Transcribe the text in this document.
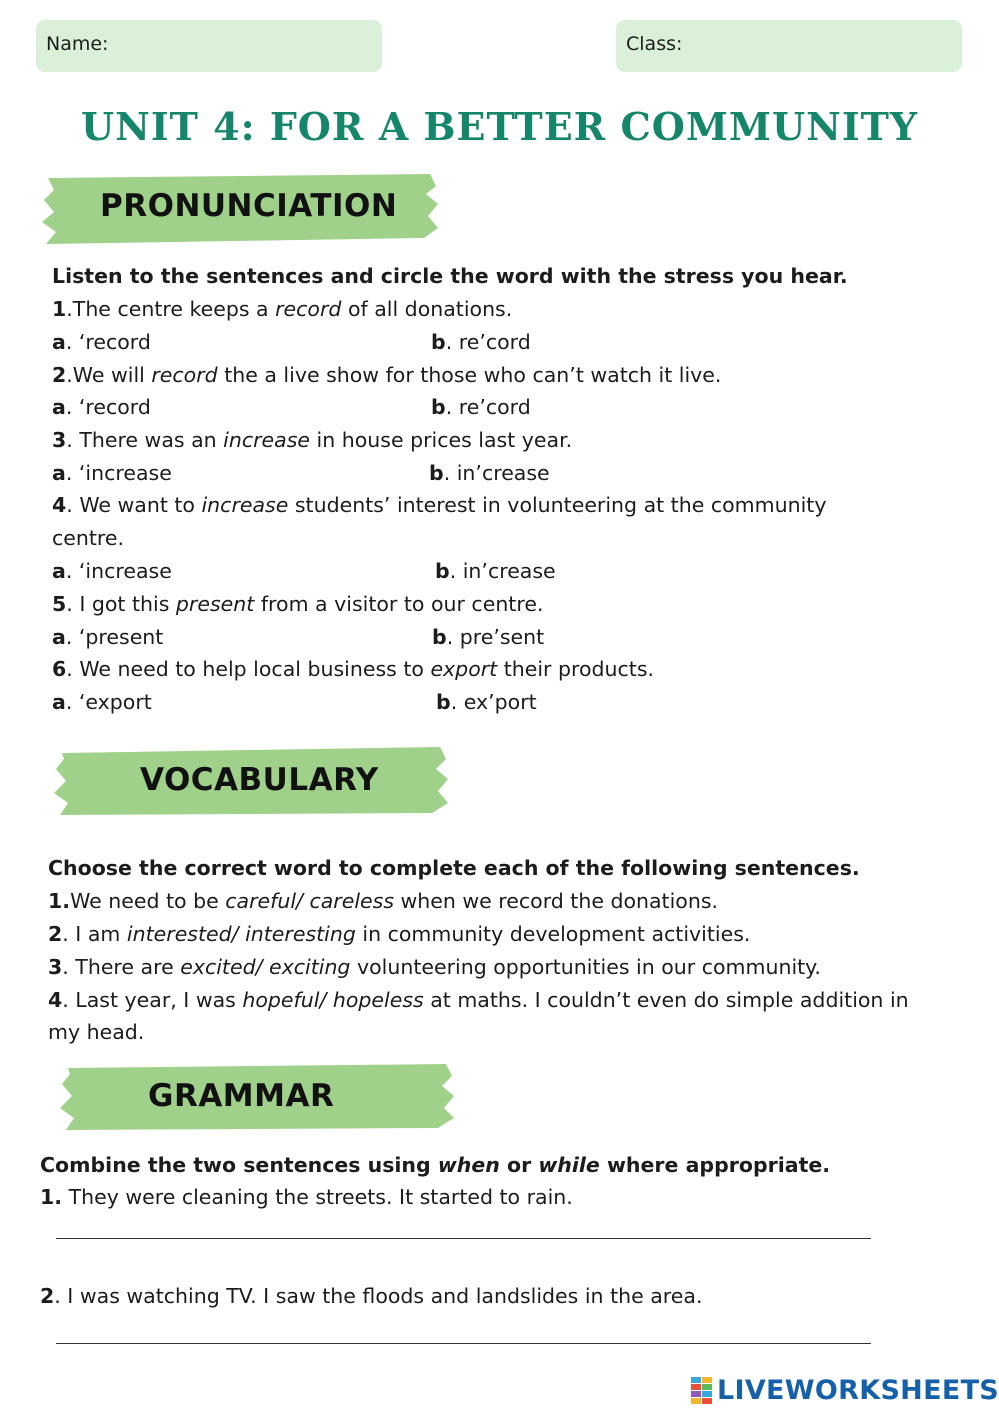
Name:	Class:
UNIT 4: FOR A BETTER COMMUNITY
PRONUNCIATION
Listen to the sentences and circle the word with the stress you hear.
1.The centre keeps a record of all donations.
a. ‘record	b. re’cord
2.We will record the a live show for those who can’t watch it live.
a. ‘record	b. re’cord
3. There was an increase in house prices last year.
a. ‘increase	b. in’crease
4 . We want to increase students’ interest in volunteering at the community
centre.
a. ‘increase	b. in’crease
5. I got this present from a visitor to our centre.
a. ‘present	b. pre’sent
6. We need to help local business to export their products.
a. ‘export	b. ex’port
VOCABULARY
Choose the correct word to complete each of the following sentences.
1.We need to be careful/ careless when we record the donations.
2. I am interested/ interesting in community development activities.
3. There are excited/ exciting volunteering opportunities in our community.
4. Last year, I was hopeful/ hopeless at maths. I couldn’t even do simple addition in
my head.
GRAMMAR
Combine the two sentences using when or while where appropriate.
1. They were cleaning the streets. It started to rain.
2. I was watching TV. I saw the floods and landslides in the area.
LIVEWORKSHEETS
